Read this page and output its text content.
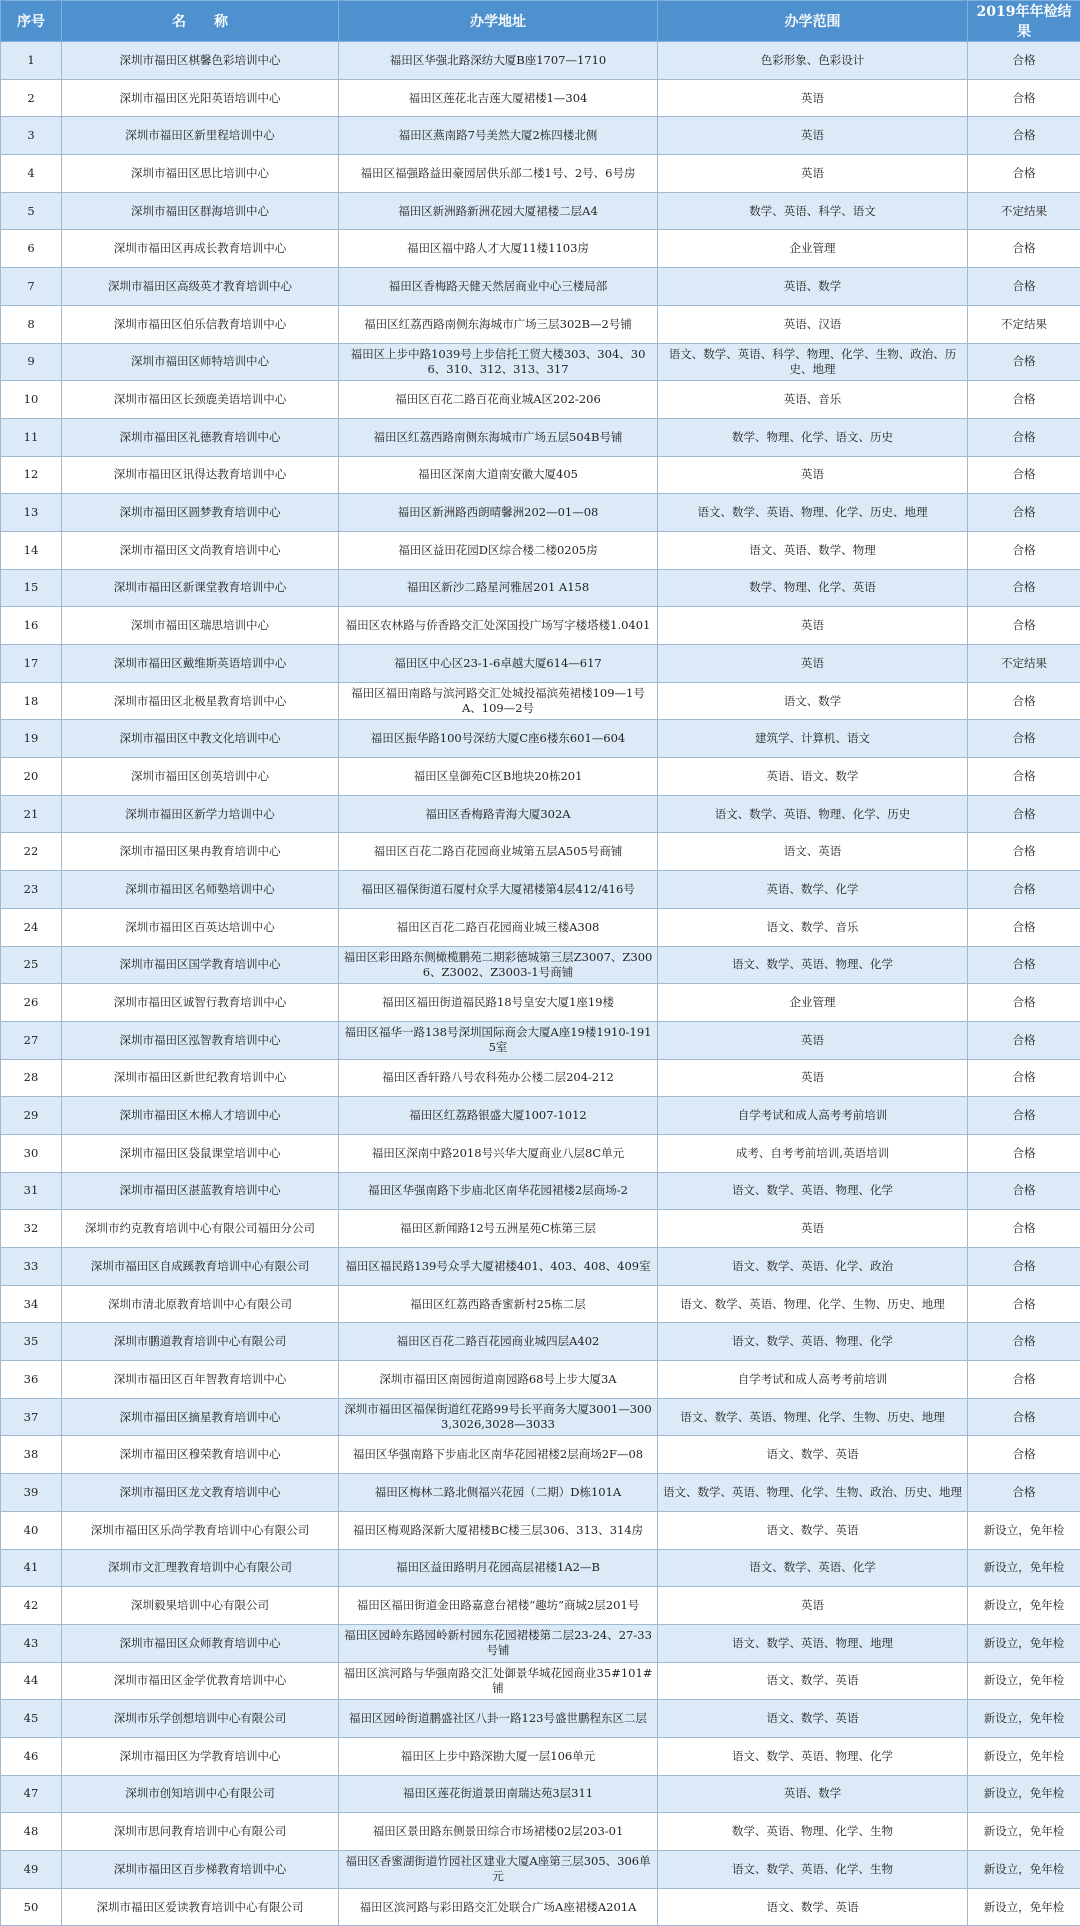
序号	名　　称	办学地址	办学范围	2019年年检结果
1	深圳市福田区棋馨色彩培训中心	福田区华强北路深纺大厦B座1707—1710	色彩形象、色彩设计	合格
2	深圳市福田区光阳英语培训中心	福田区莲花北吉莲大厦裙楼1—304	英语	合格
3	深圳市福田区新里程培训中心	福田区燕南路7号美然大厦2栋四楼北侧	英语	合格
4	深圳市福田区思比培训中心	福田区福强路益田豪园居供乐部二楼1号、2号、6号房	英语	合格
5	深圳市福田区群海培训中心	福田区新洲路新洲花园大厦裙楼二层A4	数学、英语、科学、语文	不定结果
6	深圳市福田区再成长教育培训中心	福田区福中路人才大厦11楼1103房	企业管理	合格
7	深圳市福田区高级英才教育培训中心	福田区香梅路天健天然居商业中心三楼局部	英语、数学	合格
8	深圳市福田区伯乐信教育培训中心	福田区红荔西路南侧东海城市广场三层302B—2号铺	英语、汉语	不定结果
9	深圳市福田区师特培训中心	福田区上步中路1039号上步信托工贸大楼303、304、306、310、312、313、317	语文、数学、英语、科学、物理、化学、生物、政治、历史、地理	合格
10	深圳市福田区长颈鹿美语培训中心	福田区百花二路百花商业城A区202-206	英语、音乐	合格
11	深圳市福田区礼德教育培训中心	福田区红荔西路南侧东海城市广场五层504B号铺	数学、物理、化学、语文、历史	合格
12	深圳市福田区讯得达教育培训中心	福田区深南大道南安徽大厦405	英语	合格
13	深圳市福田区圆梦教育培训中心	福田区新洲路西朗晴馨洲202—01—08	语文、数学、英语、物理、化学、历史、地理	合格
14	深圳市福田区文尚教育培训中心	福田区益田花园D区综合楼二楼0205房	语文、英语、数学、物理	合格
15	深圳市福田区新课堂教育培训中心	福田区新沙二路星河雅居201 A158	数学、物理、化学、英语	合格
16	深圳市福田区瑞思培训中心	福田区农林路与侨香路交汇处深国投广场写字楼塔楼1.0401	英语	合格
17	深圳市福田区戴维斯英语培训中心	福田区中心区23-1-6卓越大厦614—617	英语	不定结果
18	深圳市福田区北极星教育培训中心	福田区福田南路与滨河路交汇处城投福滨苑裙楼109—1号A、109—2号	语文、数学	合格
19	深圳市福田区中教文化培训中心	福田区振华路100号深纺大厦C座6楼东601—604	建筑学、计算机、语文	合格
20	深圳市福田区创英培训中心	福田区皇御苑C区B地块20栋201	英语、语文、数学	合格
21	深圳市福田区新学力培训中心	福田区香梅路青海大厦302A	语文、数学、英语、物理、化学、历史	合格
22	深圳市福田区果冉教育培训中心	福田区百花二路百花园商业城第五层A505号商铺	语文、英语	合格
23	深圳市福田区名师塾培训中心	福田区福保街道石厦村众孚大厦裙楼第4层412/416号	英语、数学、化学	合格
24	深圳市福田区百英达培训中心	福田区百花二路百花园商业城三楼A308	语文、数学、音乐	合格
25	深圳市福田区国学教育培训中心	福田区彩田路东侧橄榄鹏苑二期彩德城第三层Z3007、Z3006、Z3002、Z3003-1号商铺	语文、数学、英语、物理、化学	合格
26	深圳市福田区诚智行教育培训中心	福田区福田街道福民路18号皇安大厦1座19楼	企业管理	合格
27	深圳市福田区泓智教育培训中心	福田区福华一路138号深圳国际商会大厦A座19楼1910-1915室	英语	合格
28	深圳市福田区新世纪教育培训中心	福田区香轩路八号农科苑办公楼二层204-212	英语	合格
29	深圳市福田区木棉人才培训中心	福田区红荔路银盛大厦1007-1012	自学考试和成人高考考前培训	合格
30	深圳市福田区袋鼠课堂培训中心	福田区深南中路2018号兴华大厦商业八层8C单元	成考、自考考前培训,英语培训	合格
31	深圳市福田区湛蓝教育培训中心	福田区华强南路下步庙北区南华花园裙楼2层商场-2	语文、数学、英语、物理、化学	合格
32	深圳市约克教育培训中心有限公司福田分公司	福田区新闻路12号五洲星苑C栋第三层	英语	合格
33	深圳市福田区自成蹊教育培训中心有限公司	福田区福民路139号众孚大厦裙楼401、403、408、409室	语文、数学、英语、化学、政治	合格
34	深圳市清北原教育培训中心有限公司	福田区红荔西路香蜜新村25栋二层	语文、数学、英语、物理、化学、生物、历史、地理	合格
35	深圳市鹏道教育培训中心有限公司	福田区百花二路百花园商业城四层A402	语文、数学、英语、物理、化学	合格
36	深圳市福田区百年智教育培训中心	深圳市福田区南园街道南园路68号上步大厦3A	自学考试和成人高考考前培训	合格
37	深圳市福田区摘星教育培训中心	深圳市福田区福保街道红花路99号长平商务大厦3001—3003,3026,3028—3033	语文、数学、英语、物理、化学、生物、历史、地理	合格
38	深圳市福田区穆荣教育培训中心	福田区华强南路下步庙北区南华花园裙楼2层商场2F—08	语文、数学、英语	合格
39	深圳市福田区龙文教育培训中心	福田区梅林二路北侧福兴花园（二期）D栋101A	语文、数学、英语、物理、化学、生物、政治、历史、地理	合格
40	深圳市福田区乐尚学教育培训中心有限公司	福田区梅观路深新大厦裙楼BC楼三层306、313、314房	语文、数学、英语	新设立，免年检
41	深圳市文汇理教育培训中心有限公司	福田区益田路明月花园高层裙楼1A2—B	语文、数学、英语、化学	新设立，免年检
42	深圳毅果培训中心有限公司	福田区福田街道金田路嘉意台裙楼“趣坊”商城2层201号	英语	新设立，免年检
43	深圳市福田区众师教育培训中心	福田区园岭东路园岭新村园东花园裙楼第二层23-24、27-33号铺	语文、数学、英语、物理、地理	新设立，免年检
44	深圳市福田区金学优教育培训中心	福田区滨河路与华强南路交汇处御景华城花园商业35#101#铺	语文、数学、英语	新设立，免年检
45	深圳市乐学创想培训中心有限公司	福田区园岭街道鹏盛社区八卦一路123号盛世鹏程东区二层	语文、数学、英语	新设立，免年检
46	深圳市福田区为学教育培训中心	福田区上步中路深勘大厦一层106单元	语文、数学、英语、物理、化学	新设立，免年检
47	深圳市创知培训中心有限公司	福田区莲花街道景田南瑞达苑3层311	英语、数学	新设立，免年检
48	深圳市思问教育培训中心有限公司	福田区景田路东侧景田综合市场裙楼02层203-01	数学、英语、物理、化学、生物	新设立，免年检
49	深圳市福田区百步梯教育培训中心	福田区香蜜湖街道竹园社区建业大厦A座第三层305、306单元	语文、数学、英语、化学、生物	新设立，免年检
50	深圳市福田区爱读教育培训中心有限公司	福田区滨河路与彩田路交汇处联合广场A座裙楼A201A	语文、数学、英语	新设立，免年检
